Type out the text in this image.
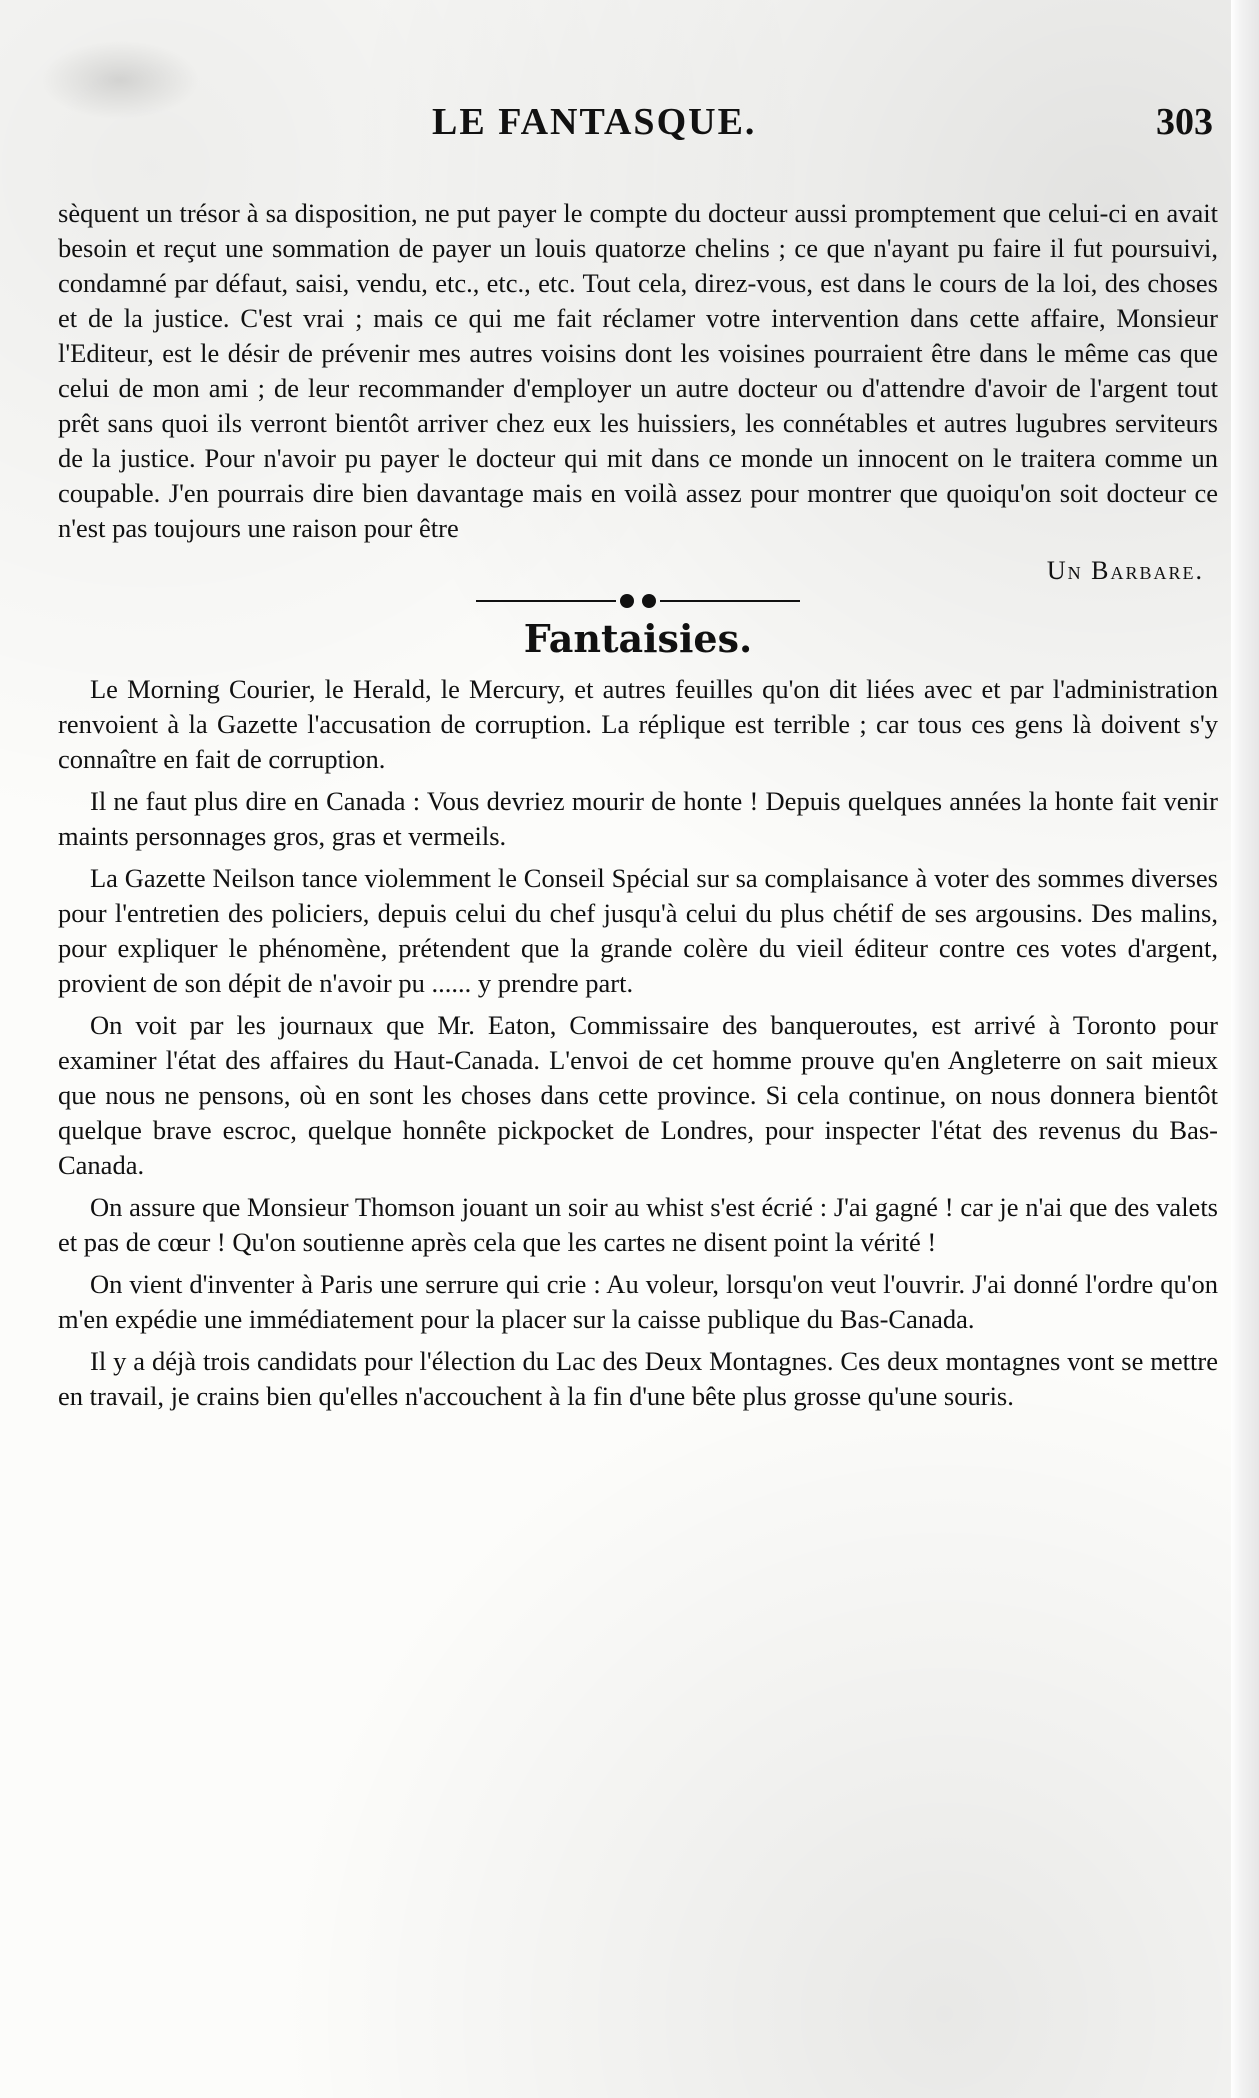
LE FANTASQUE.	303

sèquent un trésor à sa disposition, ne put payer le compte du docteur aussi promptement que celui-ci en avait besoin et reçut une sommation de payer un louis quatorze chelins ; ce que n'ayant pu faire il fut poursuivi, condamné par défaut, saisi, vendu, etc., etc., etc. Tout cela, direz-vous, est dans le cours de la loi, des choses et de la justice. C'est vrai ; mais ce qui me fait réclamer votre intervention dans cette affaire, Monsieur l'Editeur, est le désir de prévenir mes autres voisins dont les voisines pourraient être dans le même cas que celui de mon ami ; de leur recommander d'employer un autre docteur ou d'attendre d'avoir de l'argent tout prêt sans quoi ils verront bientôt arriver chez eux les huissiers, les connétables et autres lugubres serviteurs de la justice. Pour n'avoir pu payer le docteur qui mit dans ce monde un innocent on le traitera comme un coupable. J'en pourrais dire bien davantage mais en voilà assez pour montrer que quoiqu'on soit docteur ce n'est pas toujours une raison pour être

Un Barbare.

Fantaisies.

Le Morning Courier, le Herald, le Mercury, et autres feuilles qu'on dit liées avec et par l'administration renvoient à la Gazette l'accusation de corruption. La réplique est terrible ; car tous ces gens là doivent s'y connaître en fait de corruption.

Il ne faut plus dire en Canada : Vous devriez mourir de honte ! Depuis quelques années la honte fait venir maints personnages gros, gras et vermeils.

La Gazette Neilson tance violemment le Conseil Spécial sur sa complaisance à voter des sommes diverses pour l'entretien des policiers, depuis celui du chef jusqu'à celui du plus chétif de ses argousins. Des malins, pour expliquer le phénomène, prétendent que la grande colère du vieil éditeur contre ces votes d'argent, provient de son dépit de n'avoir pu ...... y prendre part.

On voit par les journaux que Mr. Eaton, Commissaire des banqueroutes, est arrivé à Toronto pour examiner l'état des affaires du Haut-Canada. L'envoi de cet homme prouve qu'en Angleterre on sait mieux que nous ne pensons, où en sont les choses dans cette province. Si cela continue, on nous donnera bientôt quelque brave escroc, quelque honnête pickpocket de Londres, pour inspecter l'état des revenus du Bas-Canada.

On assure que Monsieur Thomson jouant un soir au whist s'est écrié : J'ai gagné ! car je n'ai que des valets et pas de cœur ! Qu'on soutienne après cela que les cartes ne disent point la vérité !

On vient d'inventer à Paris une serrure qui crie : Au voleur, lorsqu'on veut l'ouvrir. J'ai donné l'ordre qu'on m'en expédie une immédiatement pour la placer sur la caisse publique du Bas-Canada.

Il y a déjà trois candidats pour l'élection du Lac des Deux Montagnes. Ces deux montagnes vont se mettre en travail, je crains bien qu'elles n'accouchent à la fin d'une bête plus grosse qu'une souris.
